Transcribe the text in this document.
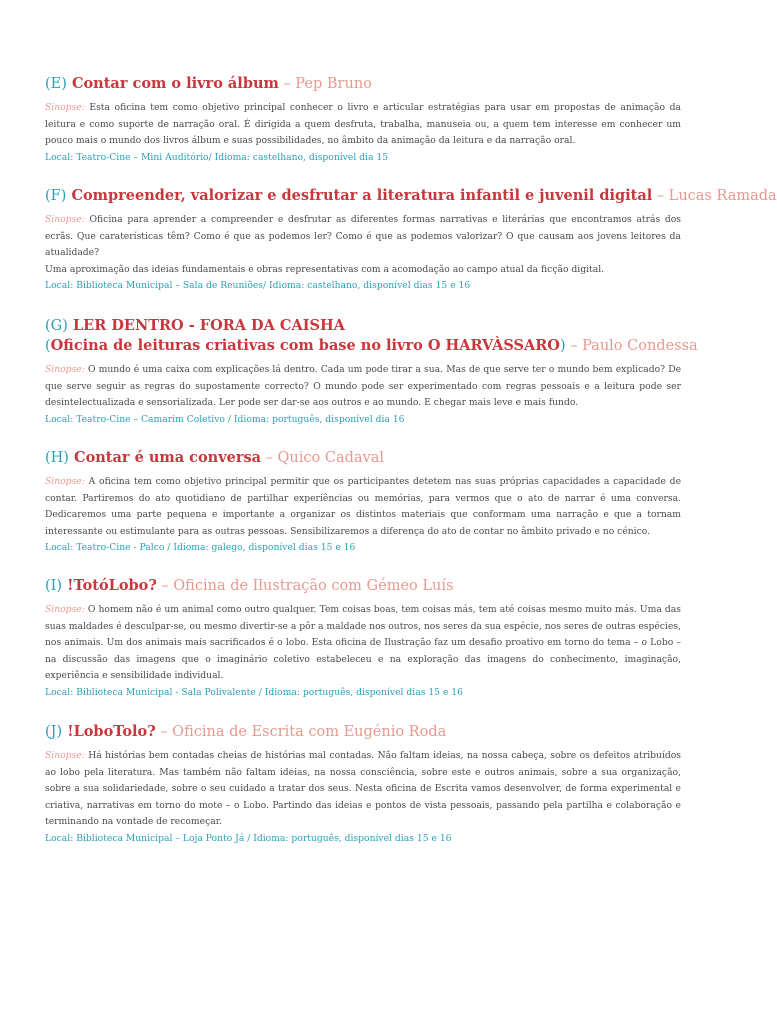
(E) Contar com o livro álbum – Pep Bruno

Sinopse: Esta oficina tem como objetivo principal conhecer o livro e articular estratégias para usar em propostas de animação da leitura e como suporte de narração oral. É dirigida a quem desfruta, trabalha, manuseia ou, a quem tem interesse em conhecer um pouco mais o mundo dos livros álbum e suas possibilidades, no âmbito da animação da leitura e da narração oral.

Local: Teatro-Cine – Mini Auditório/ Idioma: castelhano, disponível dia 15
(F) Compreender, valorizar e desfrutar a literatura infantil e juvenil digital – Lucas Ramada

Sinopse: Oficina para aprender a compreender e desfrutar as diferentes formas narrativas e literárias que encontramos atrás dos ecrãs. Que caraterísticas têm? Como é que as podemos ler? Como é que as podemos valorizar? O que causam aos jovens leitores da atualidade?

Uma aproximação das ideias fundamentais e obras representativas com a acomodação ao campo atual da ficção digital.

Local: Biblioteca Municipal – Sala de Reuniões/ Idioma: castelhano, disponível dias 15 e 16
(G) LER DENTRO - FORA DA CAISHA
(Oficina de leituras criativas com base no livro O HARVÀSSARO) – Paulo Condessa

Sinopse: O mundo é uma caixa com explicações lá dentro. Cada um pode tirar a sua. Mas de que serve ter o mundo bem explicado? De que serve seguir as regras do supostamente correcto? O mundo pode ser experimentado com regras pessoais e a leitura pode ser desintelectualizada e sensorializada. Ler pode ser dar-se aos outros e ao mundo. E chegar mais leve e mais fundo.

Local: Teatro-Cine – Camarim Coletivo / Idioma: português, disponível dia 16
(H) Contar é uma conversa – Quico Cadaval

Sinopse: A oficina tem como objetivo principal permitir que os participantes detetem nas suas próprias capacidades a capacidade de contar. Partiremos do ato quotidiano de partilhar experiências ou memórias, para vermos que o ato de narrar é uma conversa. Dedicaremos uma parte pequena e importante a organizar os distintos materiais que conformam uma narração e que a tornam interessante ou estimulante para as outras pessoas. Sensibilizaremos a diferença do ato de contar no âmbito privado e no cénico.

Local: Teatro-Cine - Palco / Idioma: galego, disponível dias 15 e 16
(I) !TotóLobo? – Oficina de Ilustração com Gémeo Luís

Sinopse: O homem não é um animal como outro qualquer. Tem coisas boas, tem coisas más, tem até coisas mesmo muito más. Uma das suas maldades é desculpar-se, ou mesmo divertir-se a pôr a maldade nos outros, nos seres da sua espécie, nos seres de outras espécies, nos animais. Um dos animais mais sacrificados é o lobo. Esta oficina de Ilustração faz um desafio proativo em torno do tema – o Lobo – na discussão das imagens que o imaginário coletivo estabeleceu e na exploração das imagens do conhecimento, imaginação, experiência e sensibilidade individual.

Local: Biblioteca Municipal - Sala Polivalente / Idioma: português, disponível dias 15 e 16
(J) !LoboTolo? – Oficina de Escrita com Eugénio Roda

Sinopse: Há histórias bem contadas cheias de histórias mal contadas. Não faltam ideias, na nossa cabeça, sobre os defeitos atribuídos ao lobo pela literatura. Mas também não faltam ideias, na nossa consciência, sobre este e outros animais, sobre a sua organização, sobre a sua solidariedade, sobre o seu cuidado a tratar dos seus. Nesta oficina de Escrita vamos desenvolver, de forma experimental e criativa, narrativas em torno do mote – o Lobo. Partindo das ideias e pontos de vista pessoais, passando pela partilha e colaboração e terminando na vontade de recomeçar.

Local: Biblioteca Municipal – Loja Ponto Já / Idioma: português, disponível dias 15 e 16
